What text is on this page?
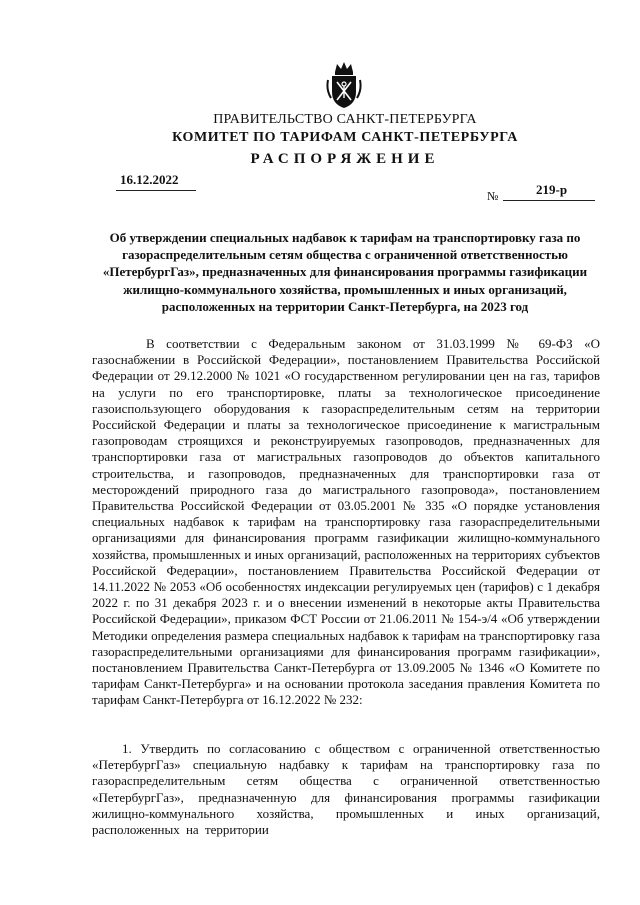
ПРАВИТЕЛЬСТВО САНКТ-ПЕТЕРБУРГА
КОМИТЕТ ПО ТАРИФАМ САНКТ-ПЕТЕРБУРГА
РАСПОРЯЖЕНИЕ
16.12.2022
№	219-р
Об утверждении специальных надбавок к тарифам на транспортировку газа по газораспределительным сетям общества с ограниченной ответственностью «ПетербургГаз», предназначенных для финансирования программы газификации жилищно-коммунального хозяйства, промышленных и иных организаций, расположенных на территории Санкт-Петербурга, на 2023 год
В соответствии с Федеральным законом от 31.03.1999 № 69-ФЗ «О газоснабжении в Российской Федерации», постановлением Правительства Российской Федерации от 29.12.2000 № 1021 «О государственном регулировании цен на газ, тарифов на услуги по его транспортировке, платы за технологическое присоединение газоиспользующего оборудования к газораспределительным сетям на территории Российской Федерации и платы за технологическое присоединение к магистральным газопроводам строящихся и реконструируемых газопроводов, предназначенных для транспортировки газа от магистральных газопроводов до объектов капитального строительства, и газопроводов, предназначенных для транспортировки газа от месторождений природного газа до магистрального газопровода», постановлением Правительства Российской Федерации от 03.05.2001 № 335 «О порядке установления специальных надбавок к тарифам на транспортировку газа газораспределительными организациями для финансирования программ газификации жилищно-коммунального хозяйства, промышленных и иных организаций, расположенных на территориях субъектов Российской Федерации», постановлением Правительства Российской Федерации от 14.11.2022 № 2053 «Об особенностях индексации регулируемых цен (тарифов) с 1 декабря 2022 г. по 31 декабря 2023 г. и о внесении изменений в некоторые акты Правительства Российской Федерации», приказом ФСТ России от 21.06.2011 № 154-э/4 «Об утверждении Методики определения размера специальных надбавок к тарифам на транспортировку газа газораспределительными организациями для финансирования программ газификации», постановлением Правительства Санкт-Петербурга от 13.09.2005 № 1346 «О Комитете по тарифам Санкт-Петербурга» и на основании протокола заседания правления Комитета по тарифам Санкт-Петербурга от 16.12.2022 № 232:
1. Утвердить по согласованию с обществом с ограниченной ответственностью «ПетербургГаз» специальную надбавку к тарифам на транспортировку газа по газораспределительным сетям общества с ограниченной ответственностью «ПетербургГаз», предназначенную для финансирования программы газификации жилищно-коммунального хозяйства, промышленных и иных организаций, расположенных на территории
